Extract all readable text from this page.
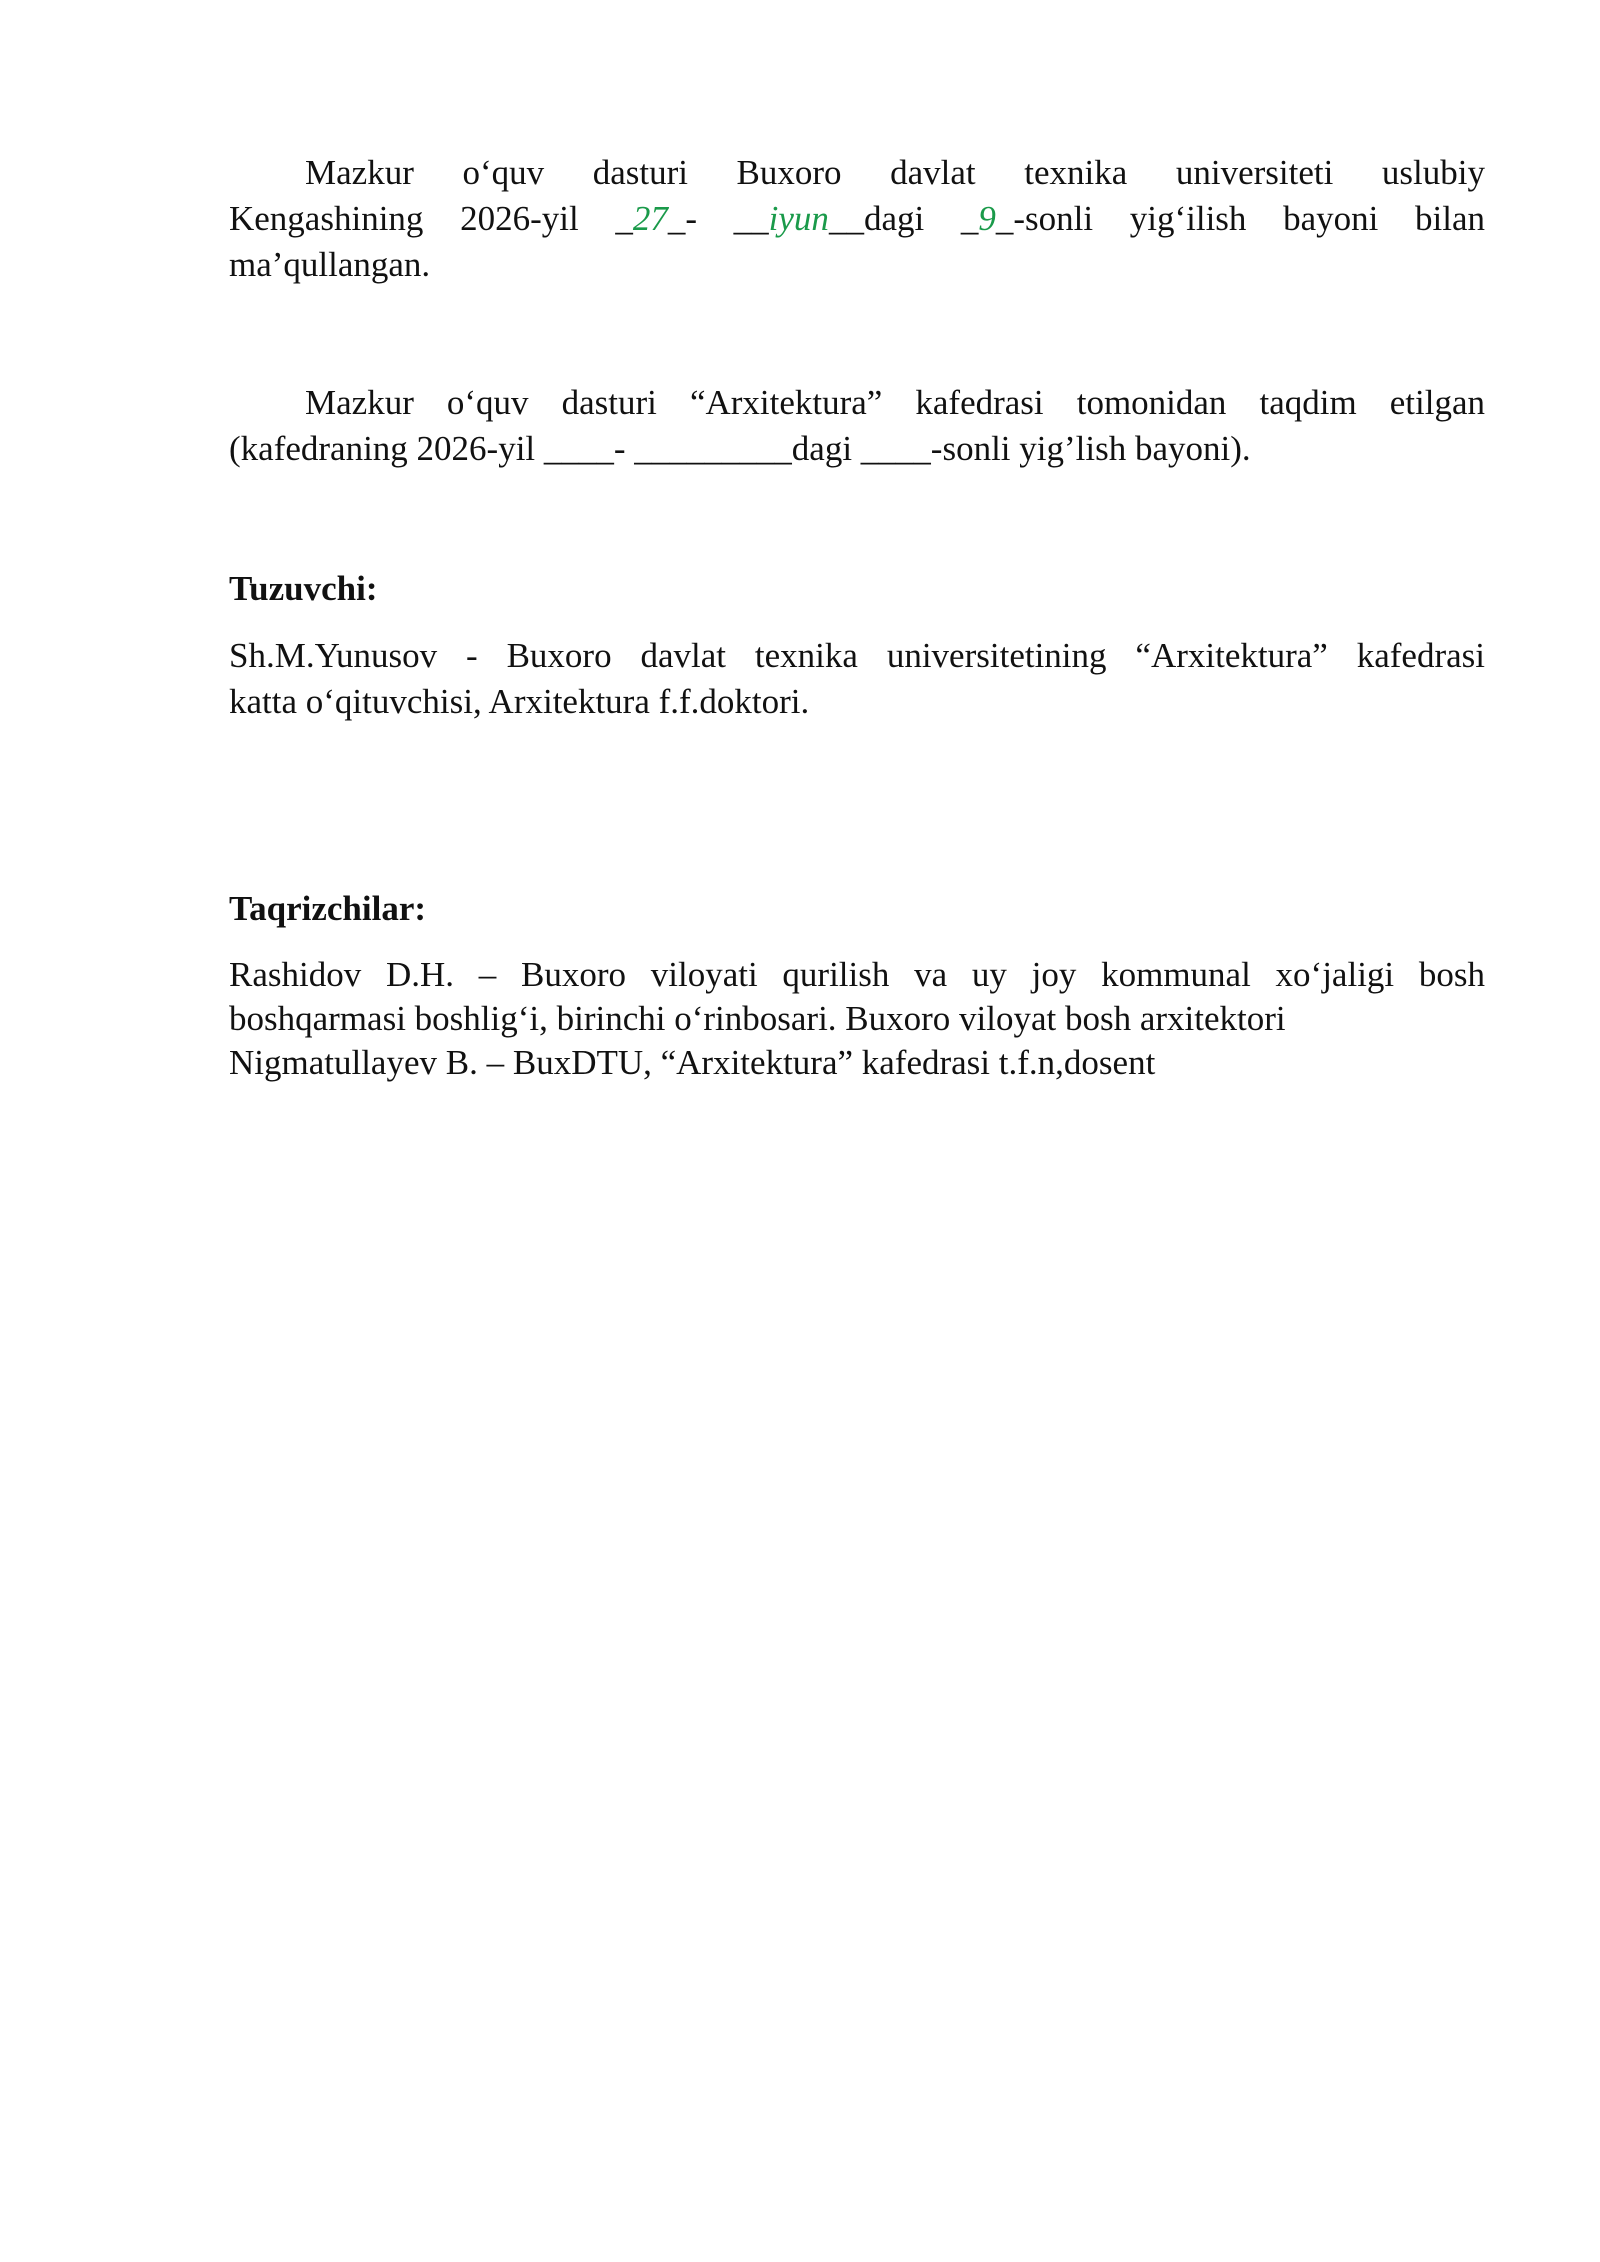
Mazkur o‘quv dasturi Buxoro davlat texnika universiteti uslubiy

Kengashining 2026-yil _27_- __iyun__dagi _9_-sonli yig‘ilish bayoni bilan

ma’qullangan.

Mazkur o‘quv dasturi “Arxitektura” kafedrasi tomonidan taqdim etilgan

(kafedraning 2026-yil ____- _________dagi ____-sonli yig’lish bayoni).

Tuzuvchi:

Sh.M.Yunusov - Buxoro davlat texnika universitetining “Arxitektura” kafedrasi

katta o‘qituvchisi, Arxitektura f.f.doktori.

Taqrizchilar:

Rashidov D.H. – Buxoro viloyati qurilish va uy joy kommunal xo‘jaligi bosh

boshqarmasi boshlig‘i, birinchi o‘rinbosari. Buxoro viloyat bosh arxitektori

Nigmatullayev B. – BuxDTU, “Arxitektura” kafedrasi t.f.n,dosent
